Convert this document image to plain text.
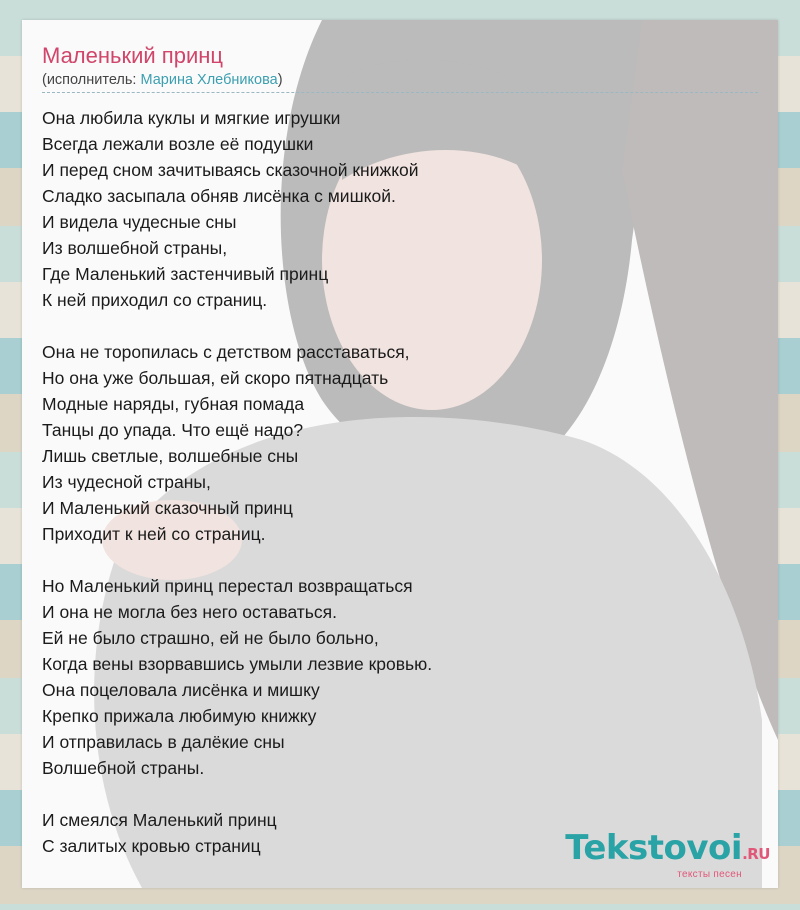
Маленький принц
(исполнитель: Марина Хлебникова)
Она любила куклы и мягкие игрушки
Всегда лежали возле её подушки
И перед сном зачитываясь сказочной книжкой
Сладко засыпала обняв лисёнка с мишкой.
И видела чудесные сны
Из волшебной страны,
Где Маленький застенчивый принц
К ней приходил со страниц.
Она не торопилась с детством расставаться,
Но она уже большая, ей скоро пятнадцать
Модные наряды, губная помада
Танцы до упада. Что ещё надо?
Лишь светлые, волшебные сны
Из чудесной страны,
И Маленький сказочный принц
Приходит к ней со страниц.
Но Маленький принц перестал возвращаться
И она не могла без него оставаться.
Ей не было страшно, ей не было больно,
Когда вены взорвавшись умыли лезвие кровью.
Она поцеловала лисёнка и мишку
Крепко прижала любимую книжку
И отправилась в далёкие сны
Волшебной страны.
И смеялся Маленький принц
С залитых кровью страниц	Tekstovoi.RU
тексты песен
